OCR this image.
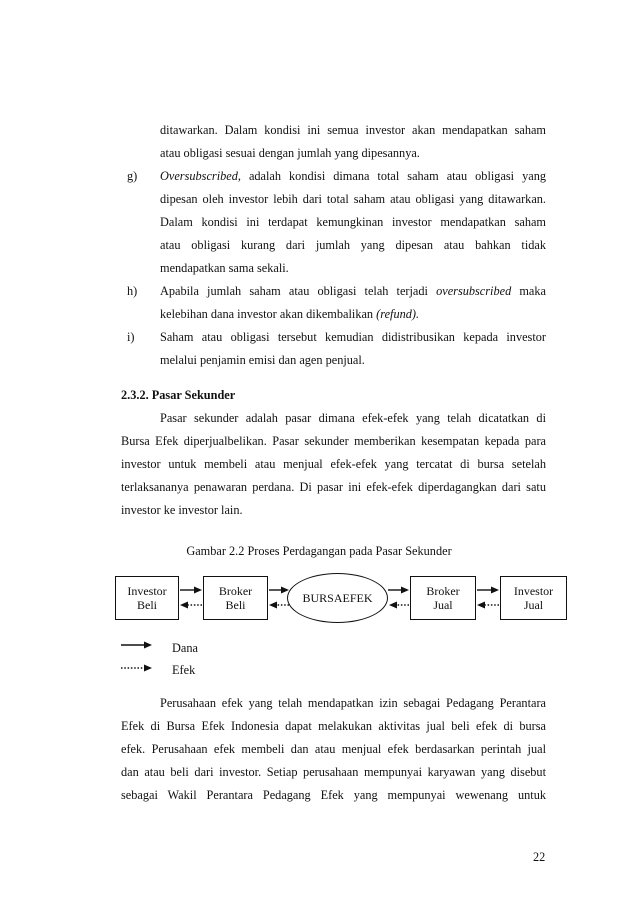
ditawarkan. Dalam kondisi ini semua investor akan mendapatkan saham
atau obligasi sesuai dengan jumlah yang dipesannya.
g) Oversubscribed, adalah kondisi dimana total saham atau obligasi yang
dipesan oleh investor lebih dari total saham atau obligasi yang ditawarkan.
Dalam kondisi ini terdapat kemungkinan investor mendapatkan saham
atau obligasi kurang dari jumlah yang dipesan atau bahkan tidak
mendapatkan sama sekali.
h) Apabila jumlah saham atau obligasi telah terjadi oversubscribed maka
kelebihan dana investor akan dikembalikan (refund).
i) Saham atau obligasi tersebut kemudian didistribusikan kepada investor
melalui penjamin emisi dan agen penjual.
2.3.2. Pasar Sekunder
Pasar sekunder adalah pasar dimana efek-efek yang telah dicatatkan di
Bursa Efek diperjualbelikan. Pasar sekunder memberikan kesempatan kepada para
investor untuk membeli atau menjual efek-efek yang tercatat di bursa setelah
terlaksananya penawaran perdana. Di pasar ini efek-efek diperdagangkan dari satu
investor ke investor lain.
Gambar 2.2 Proses Perdagangan pada Pasar Sekunder
Investor
Beli
Broker
Beli	BURSAEFEK	Broker
Jual
Investor
Jual
Dana
Efek
Perusahaan efek yang telah mendapatkan izin sebagai Pedagang Perantara
Efek di Bursa Efek Indonesia dapat melakukan aktivitas jual beli efek di bursa
efek. Perusahaan efek membeli dan atau menjual efek berdasarkan perintah jual
dan atau beli dari investor. Setiap perusahaan mempunyai karyawan yang disebut
sebagai Wakil Perantara Pedagang Efek yang mempunyai wewenang untuk
22
